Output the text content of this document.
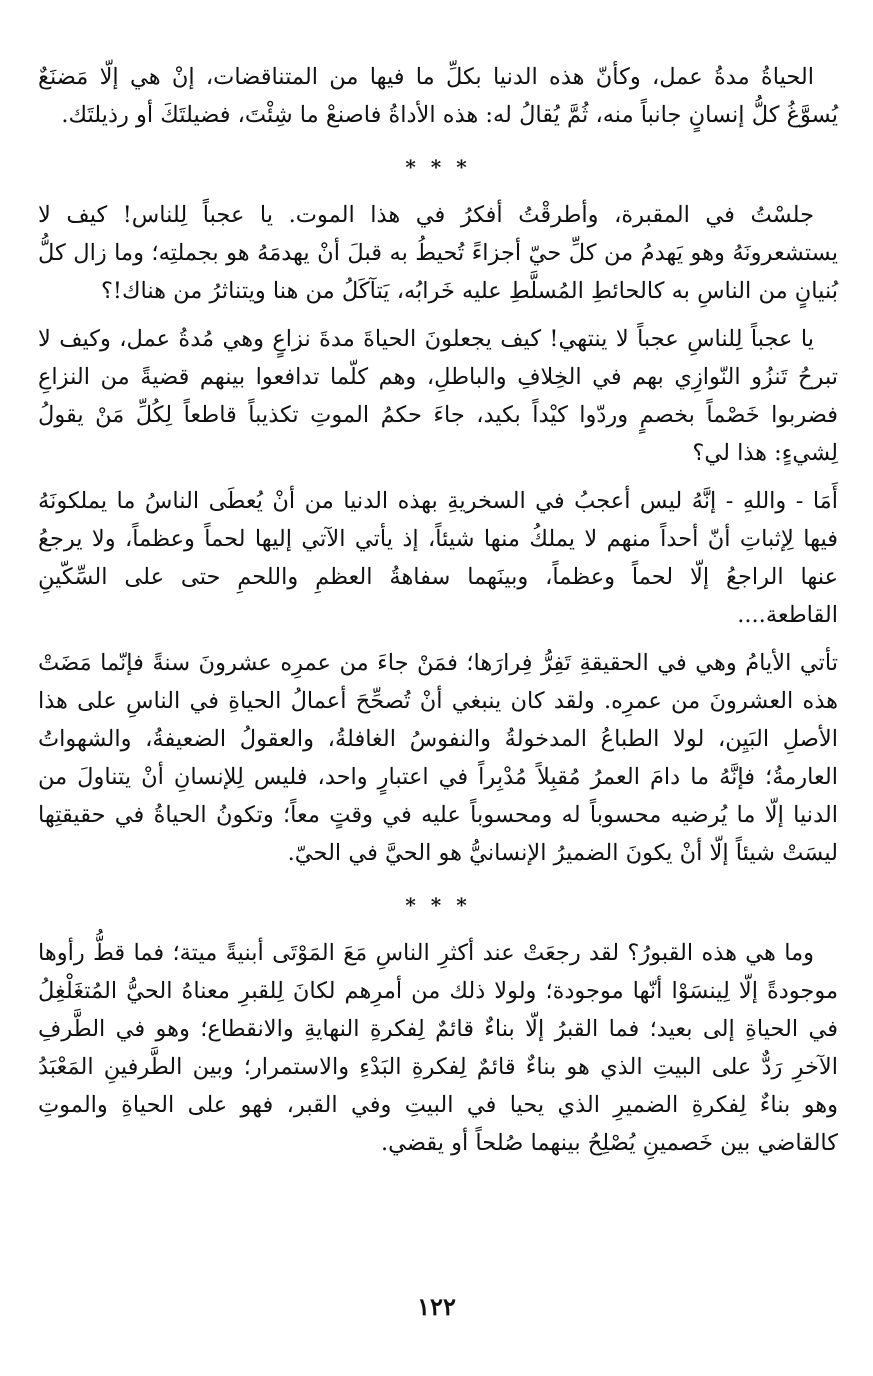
الحياةُ مدةُ عمل، وكأنّ هذه الدنيا بكلِّ ما فيها من المتناقضات، إنْ هي إلّا مَضنَعٌ يُسوَّغُ كلُّ إنسانٍ جانباً منه، ثُمَّ يُقالُ له: هذه الأداةُ فاصنعْ ما شِئْتَ، فضيلتَكَ أو رذيلتَك.

* * *

جلسْتُ في المقبرة، وأطرقْتُ أفكرُ في هذا الموت. يا عجباً لِلناس! كيف لا يستشعرونَهُ وهو يَهدمُ من كلِّ حيّ أجزاءً تُحيطُ به قبلَ أنْ يهدمَهُ هو بجملتِه؛ وما زال كلُّ بُنيانٍ من الناسِ به كالحائطِ المُسلَّطِ عليه خَرابُه، يَتآكَلُ من هنا ويتناثرُ من هناك!؟

يا عجباً لِلناسِ عجباً لا ينتهي! كيف يجعلونَ الحياةَ مدةَ نزاعٍ وهي مُدةُ عمل، وكيف لا تبرحُ تَنزُو النّوازِي بهم في الخِلافِ والباطلِ، وهم كلّما تدافعوا بينهم قضيةً من النزاعِ فضربوا خَصْماً بخصمٍ وردّوا كيْداً بكيد، جاءَ حكمُ الموتِ تكذيباً قاطعاً لِكُلِّ مَنْ يقولُ لِشيءٍ: هذا لي؟

أَمَا - واللهِ - إنَّهُ ليس أعجبُ في السخريةِ بهذه الدنيا من أنْ يُعطَى الناسُ ما يملكونَهُ فيها لِإثباتِ أنّ أحداً منهم لا يملكُ منها شيئاً، إذ يأتي الآتي إليها لحماً وعظماً، ولا يرجعُ عنها الراجعُ إلّا لحماً وعظماً، وبينَهما سفاهةُ العظمِ واللحمِ حتى على السِّكّينِ القاطعة....

تأتي الأيامُ وهي في الحقيقةِ تَفِرُّ فِرارَها؛ فمَنْ جاءَ من عمرِه عشرونَ سنةً فإنّما مَضَتْ هذه العشرونَ من عمرِه. ولقد كان ينبغي أنْ تُصحِّحَ أعمالُ الحياةِ في الناسِ على هذا الأصلِ البَيِن، لولا الطباعُ المدخولةُ والنفوسُ الغافلةُ، والعقولُ الضعيفةُ، والشهواتُ العارمةُ؛ فإنَّهُ ما دامَ العمرُ مُقبِلاً مُدْبِراً في اعتبارٍ واحد، فليس لِلإنسانِ أنْ يتناولَ من الدنيا إلّا ما يُرضيه محسوباً له ومحسوباً عليه في وقتٍ معاً؛ وتكونُ الحياةُ في حقيقتِها ليسَتْ شيئاً إلّا أنْ يكونَ الضميرُ الإنسانيُّ هو الحيَّ في الحيّ.

* * *

وما هي هذه القبورُ؟ لقد رجعَتْ عند أكثرِ الناسِ مَعَ المَوْتَى أبنيةً ميتة؛ فما قطُّ رأوها موجودةً إلّا لِينسَوْا أنّها موجودة؛ ولولا ذلك من أمرِهم لكانَ لِلقبرِ معناهُ الحيُّ المُتغَلْغِلُ في الحياةِ إلى بعيد؛ فما القبرُ إلّا بناءٌ قائمٌ لِفكرةِ النهايةِ والانقطاع؛ وهو في الطَّرفِ الآخرِ رَدٌّ على البيتِ الذي هو بناءٌ قائمٌ لِفكرةِ البَدْءِ والاستمرار؛ وبين الطَّرفينِ المَعْبَدُ وهو بناءٌ لِفكرةِ الضميرِ الذي يحيا في البيتِ وفي القبر، فهو على الحياةِ والموتِ كالقاضي بين خَصمينِ يُصْلِحُ بينهما صُلحاً أو يقضي.

١٢٢
